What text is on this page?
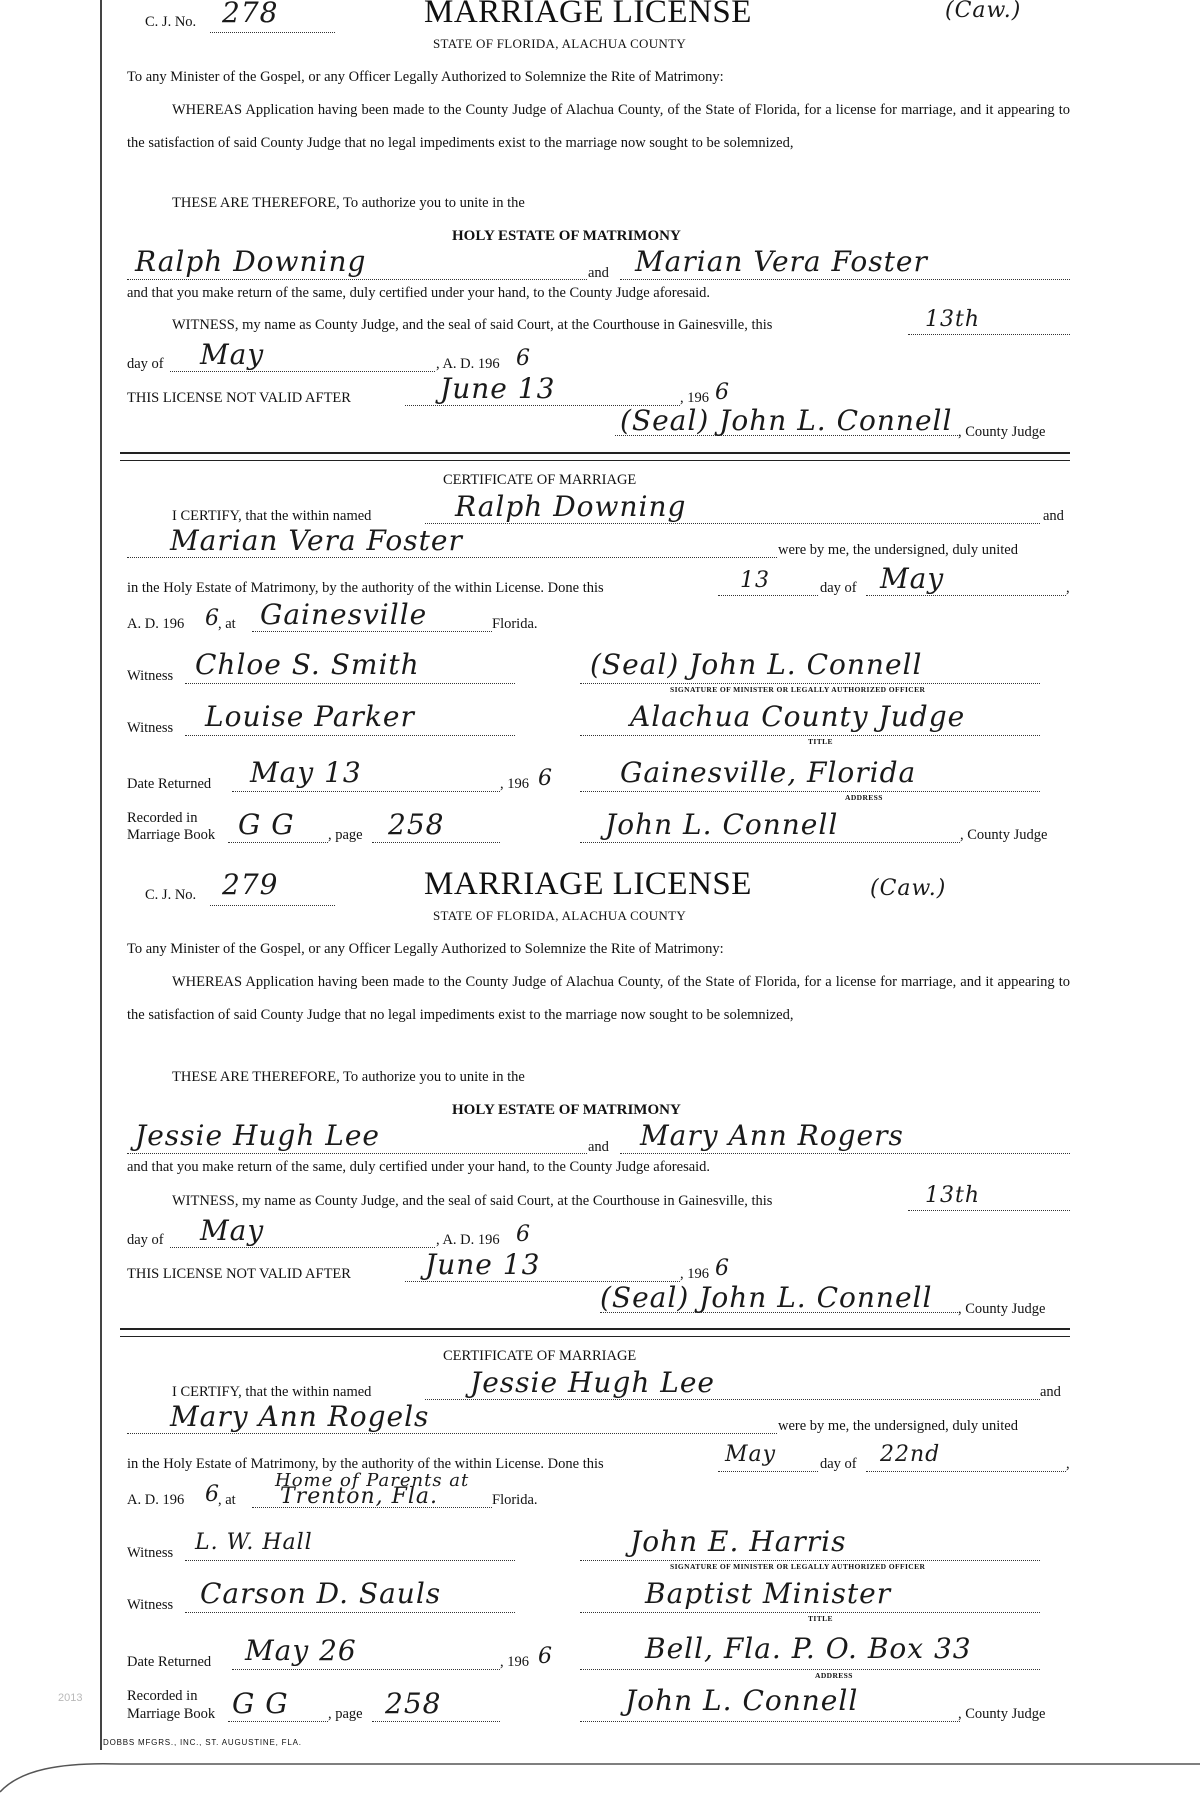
C. J. No. 278	MARRIAGE LICENSE	(Caw.)
STATE OF FLORIDA, ALACHUA COUNTY
To any Minister of the Gospel, or any Officer Legally Authorized to Solemnize the Rite of Matrimony:
WHEREAS Application having been made to the County Judge of Alachua County, of the State of Florida, for a license for marriage, and it appearing to the satisfaction of said County Judge that no legal impediments exist to the marriage now sought to be solemnized,
THESE ARE THEREFORE, To authorize you to unite in the
HOLY ESTATE OF MATRIMONY
Ralph Downing	and Marian Vera Foster
and that you make return of the same, duly certified under your hand, to the County Judge aforesaid.
WITNESS, my name as County Judge, and the seal of said Court, at the Courthouse in Gainesville, this	13th
day of May	, A. D. 196 6
THIS LICENSE NOT VALID AFTER	June 13	, 196 6
(Seal) John L. Connell , County Judge
CERTIFICATE OF MARRIAGE
I CERTIFY, that the within named	Ralph Downing	and
Marian Vera Foster	were by me, the undersigned, duly united
in the Holy Estate of Matrimony, by the authority of the within License. Done this	13	day of May	,
A. D. 196 6
, at Gainesville	Florida.
Witness Chloe S. Smith	(Seal) John L. Connell
SIGNATURE OF MINISTER OR LEGALLY AUTHORIZED OFFICER
Witness Louise Parker	Alachua County Judge
TITLE
Date Returned May 13	, 196 6 Gainesville, Florida
ADDRESS
Recorded in
Marriage Book G G , page 258	John L. Connell	, County Judge
C. J. No. 279	MARRIAGE LICENSE	(Caw.)
STATE OF FLORIDA, ALACHUA COUNTY
To any Minister of the Gospel, or any Officer Legally Authorized to Solemnize the Rite of Matrimony:
WHEREAS Application having been made to the County Judge of Alachua County, of the State of Florida, for a license for marriage, and it appearing to the satisfaction of said County Judge that no legal impediments exist to the marriage now sought to be solemnized,
THESE ARE THEREFORE, To authorize you to unite in the
HOLY ESTATE OF MATRIMONY
Jessie Hugh Lee	and Mary Ann Rogers
and that you make return of the same, duly certified under your hand, to the County Judge aforesaid.
WITNESS, my name as County Judge, and the seal of said Court, at the Courthouse in Gainesville, this	13th
day of May	, A. D. 196 6
THIS LICENSE NOT VALID AFTER	June 13	, 196 6
(Seal) John L. Connell , County Judge
CERTIFICATE OF MARRIAGE
I CERTIFY, that the within named	Jessie Hugh Lee	and
Mary Ann Rogels	were by me, the undersigned, duly united
in the Holy Estate of Matrimony, by the authority of the within License. Done this	May	day of 22nd	,
Home of Parents at
A. D. 196 6
, at Trenton, Fla.	Florida.
Witness L. W. Hall	John E. Harris
SIGNATURE OF MINISTER OR LEGALLY AUTHORIZED OFFICER
Witness Carson D. Sauls	Baptist Minister
TITLE
Date Returned May 26	, 196 6	Bell, Fla. P. O. Box 33
ADDRESS
Recorded in
Marriage Book G G	, page 258	John L. Connell	, County Judge
2013
DOBBS MFGRS., INC., ST. AUGUSTINE, FLA.
